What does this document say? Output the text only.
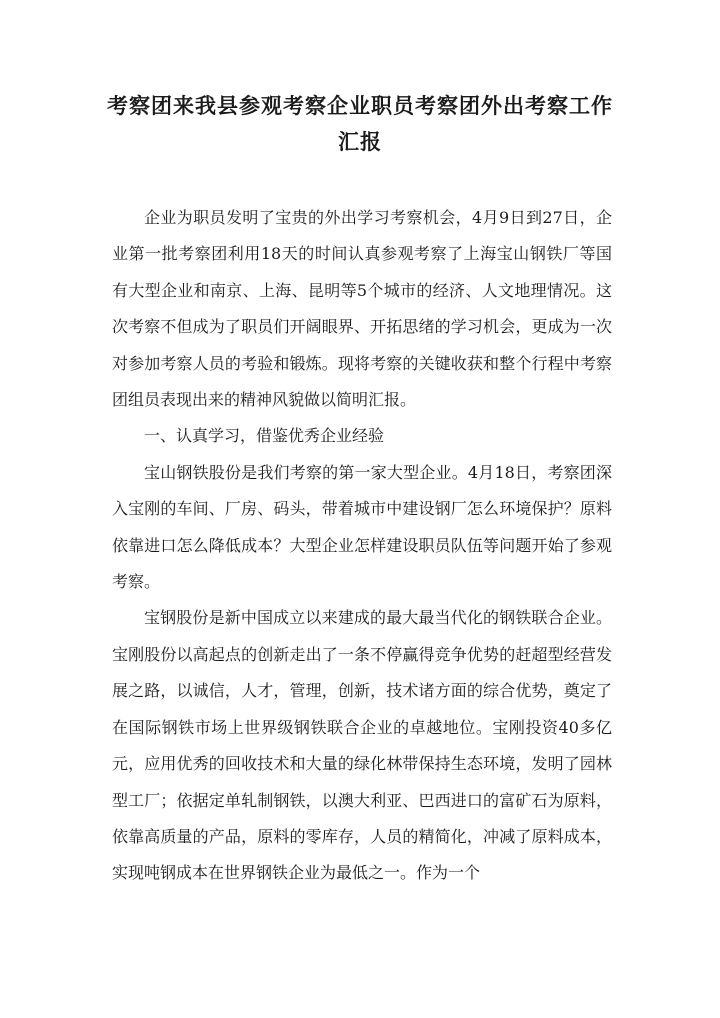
考察团来我县参观考察企业职员考察团外出考察工作汇报

企业为职员发明了宝贵的外出学习考察机会，4月9日到27日，企业第一批考察团利用18天的时间认真参观考察了上海宝山钢铁厂等国有大型企业和南京、上海、昆明等5个城市的经济、人文地理情况。这次考察不但成为了职员们开阔眼界、开拓思绪的学习机会，更成为一次对参加考察人员的考验和锻炼。现将考察的关键收获和整个行程中考察团组员表现出来的精神风貌做以简明汇报。

一、认真学习，借鉴优秀企业经验

宝山钢铁股份是我们考察的第一家大型企业。4月18日，考察团深入宝刚的车间、厂房、码头，带着城市中建设钢厂怎么环境保护？原料依靠进口怎么降低成本？大型企业怎样建设职员队伍等问题开始了参观考察。

宝钢股份是新中国成立以来建成的最大最当代化的钢铁联合企业。宝刚股份以高起点的创新走出了一条不停赢得竞争优势的赶超型经营发展之路，以诚信，人才，管理，创新，技术诸方面的综合优势，奠定了在国际钢铁市场上世界级钢铁联合企业的卓越地位。宝刚投资40多亿元，应用优秀的回收技术和大量的绿化林带保持生态环境，发明了园林型工厂；依据定单轧制钢铁，以澳大利亚、巴西进口的富矿石为原料，依靠高质量的产品，原料的零库存，人员的精简化，冲减了原料成本，实现吨钢成本在世界钢铁企业为最低之一。作为一个
